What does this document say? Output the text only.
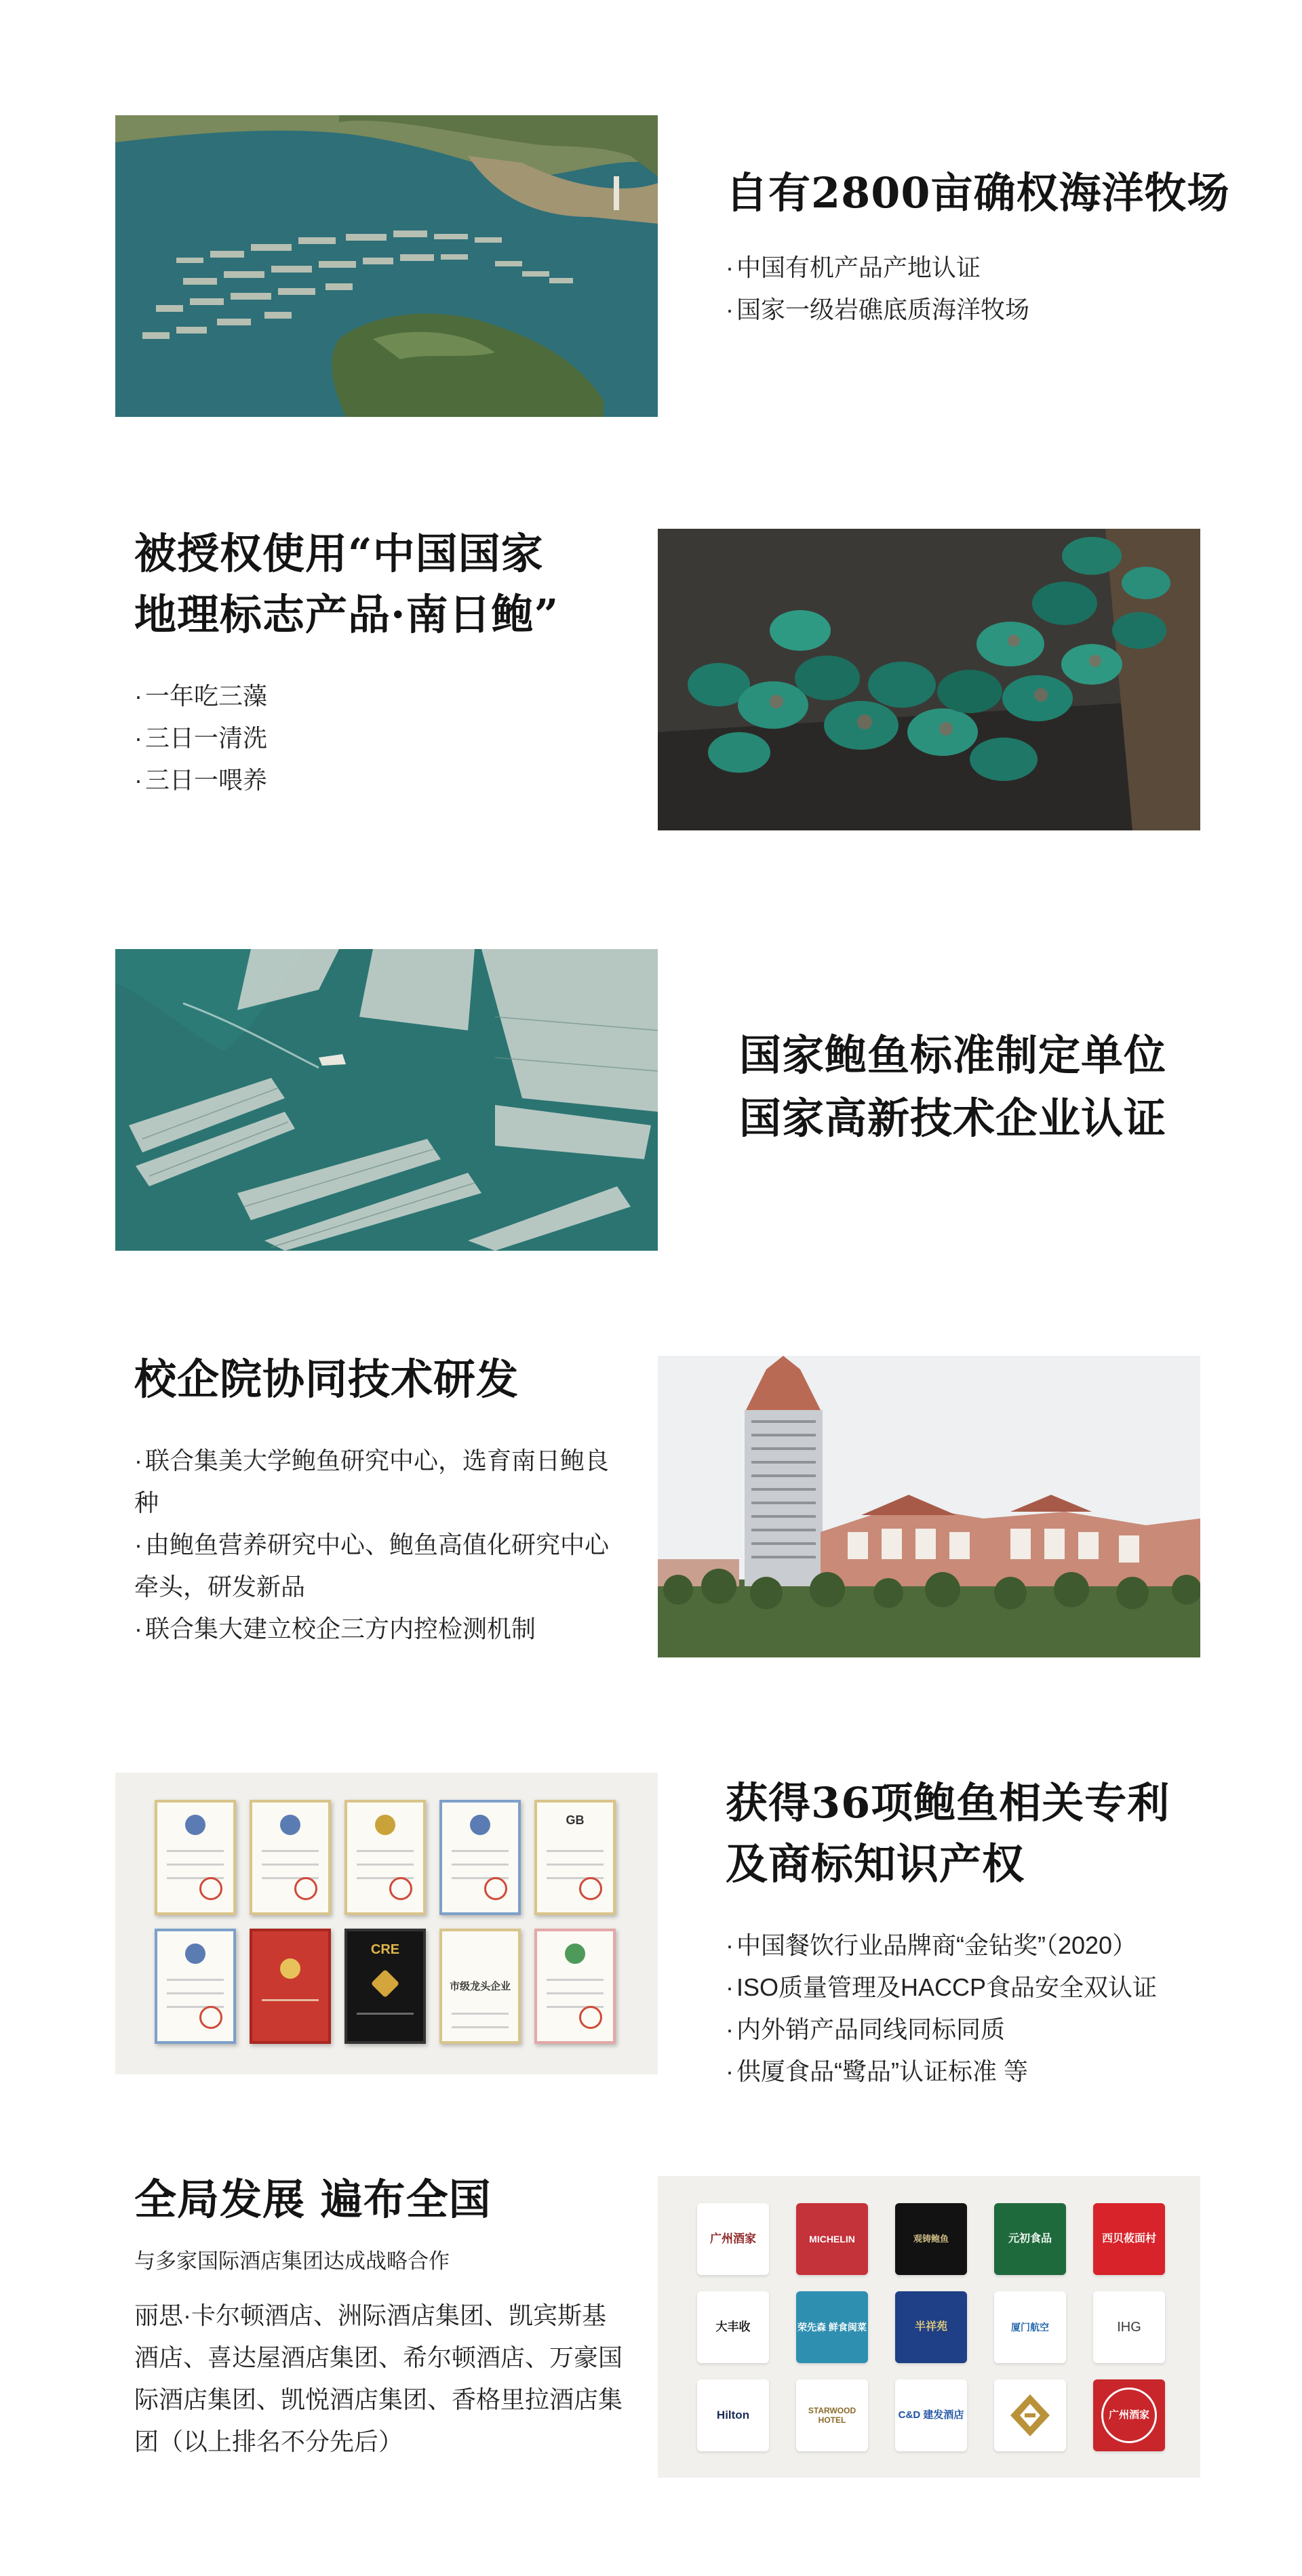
自有2800亩确权海洋牧场
· 中国有机产品产地认证
· 国家一级岩礁底质海洋牧场
被授权使用“中国国家
地理标志产品·南日鲍”
· 一年吃三藻
· 三日一清洗
· 三日一喂养
国家鲍鱼标准制定单位
国家高新技术企业认证
校企院协同技术研发
· 联合集美大学鲍鱼研究中心，选育南日鲍良种
· 由鲍鱼营养研究中心、鲍鱼高值化研究中心牵头，研发新品
· 联合集大建立校企三方内控检测机制
GB
CRE
市级龙头企业
获得36项鲍鱼相关专利
及商标知识产权
· 中国餐饮行业品牌商“金钻奖”（2020）
· ISO质量管理及HACCP食品安全双认证
· 内外销产品同线同标同质
· 供厦食品“鹭品”认证标准 等
全局发展 遍布全国
与多家国际酒店集团达成战略合作
丽思·卡尔顿酒店、洲际酒店集团、凯宾斯基酒店、喜达屋酒店集团、希尔顿酒店、万豪国际酒店集团、凯悦酒店集团、香格里拉酒店集团（以上排名不分先后）
广州酒家	MICHELIN	观铸鲍鱼	元初食品	西贝莜面村
大丰收	荣先森 鲜食闽菜	半祥苑	厦门航空	IHG
Hilton	STARWOOD HOTEL	C&D 建发酒店	广州酒家
